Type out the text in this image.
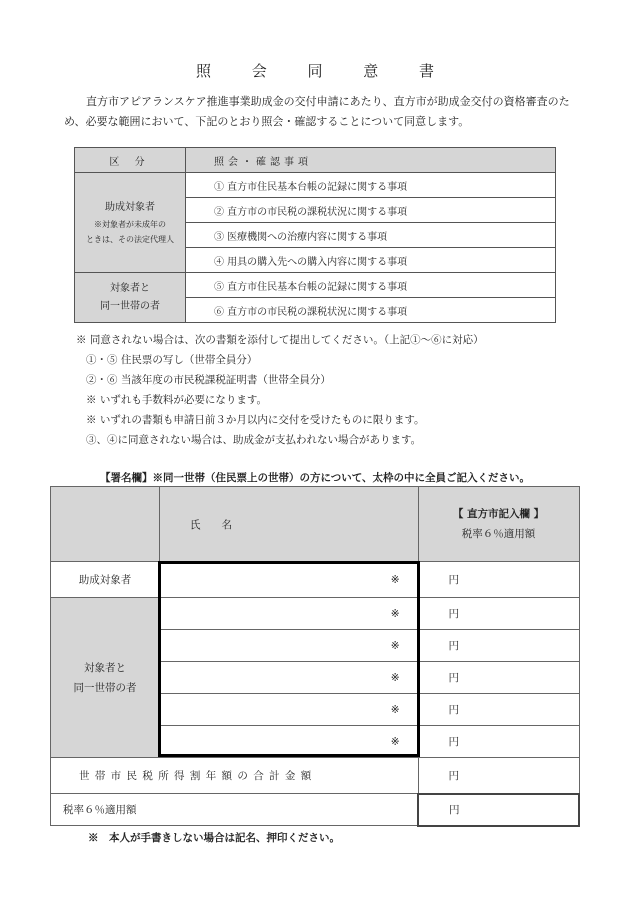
照 会 同 意 書
直方市アピアランスケア推進事業助成金の交付申請にあたり、直方市が助成金交付の資格審査のため、必要な範囲において、下記のとおり照会・確認することについて同意します。
区 分	照会・確認事項
助成対象者
※対象者が未成年の
ときは、その法定代理人	① 直方市住民基本台帳の記録に関する事項
	② 直方市の市民税の課税状況に関する事項
	③ 医療機関への治療内容に関する事項
	④ 用具の購入先への購入内容に関する事項

対象者と
同一世帯の者	⑤ 直方市住民基本台帳の記録に関する事項
	⑥ 直方市の市民税の課税状況に関する事項
※ 同意されない場合は、次の書類を添付して提出してください。（上記①～⑥に対応）
①・⑤ 住民票の写し（世帯全員分）
②・⑥ 当該年度の市民税課税証明書（世帯全員分）
※ いずれも手数料が必要になります。
※ いずれの書類も申請日前３か月以内に交付を受けたものに限ります。
③、④に同意されない場合は、助成金が支払われない場合があります。
【署名欄】※同一世帯（住民票上の世帯）の方について、太枠の中に全員ご記入ください。
	氏　　名	【 直方市記入欄 】
税率６％適用額

助成対象者	※	円

対象者と
同一世帯の者	※	円

	※	円

	※	円

	※	円

	※	円
世 帯 市 民 税 所 得 割 年 額 の 合 計 金 額		円
税率６％適用額		円
※　本人が手書きしない場合は記名、押印ください。
